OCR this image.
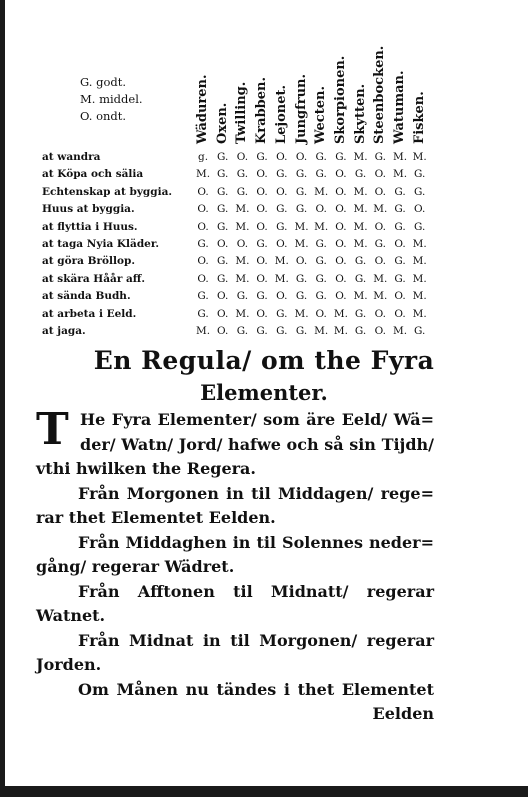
G. godt.
M. middel.
O. ondt.	Wäduren. Oxen. Twilling. Krabben. Lejonet. Jungfrun. Wecten. Skorpionen. Skytten. Steenbocken. Watuman. Fisken.
at wandra	g. G. O. G. O. O. G. G. M. G. M. M.
at Köpa och sälia	M. G. G. O. G. G. G. O. G. O. M. G.
Echtenskap at byggia.	O. G. G. O. O. G. M. O. M. O. G. G.
Huus at byggia.	O. G. M. O. G. G. O. O. M. M. G. O.
at flyttia i Huus.	O. G. M. O. G. M. M. O. M. O. G. G.
at taga Nyia Kläder.	G. O. O. G. O. M. G. O. M. G. O. M.
at göra Bröllop.	O. G. M. O. M. O. G. O. G. O. G. M.
at skära Håår aff.	O. G. M. O. M. G. G. O. G. M. G. M.
at sända Budh.	G. O. G. G. O. G. G. O. M. M. O. M.
at arbeta i Eeld.	G. O. M. O. G. M. O. M. G. O. O. M.
at jaga.	M. O. G. G. G. G. M. M. G. O. M. G.
En Regula/ om the Fyra
Elementer.
T He Fyra Elementer/ som äre Eeld/ Wä=
der/ Watn/ Jord/ hafwe och så sin Tijdh/
vthi hwilken the Regera.
Från Morgonen in til Middagen/ rege=
rar thet Elementet Eelden.
Från Middaghen in til Solennes neder=
gång/ regerar Wädret.
Från Afftonen til Midnatt/ regerar
Watnet.
Från Midnat in til Morgonen/ regerar
Jorden.
Om Månen nu tändes i thet Elementet
Eelden
